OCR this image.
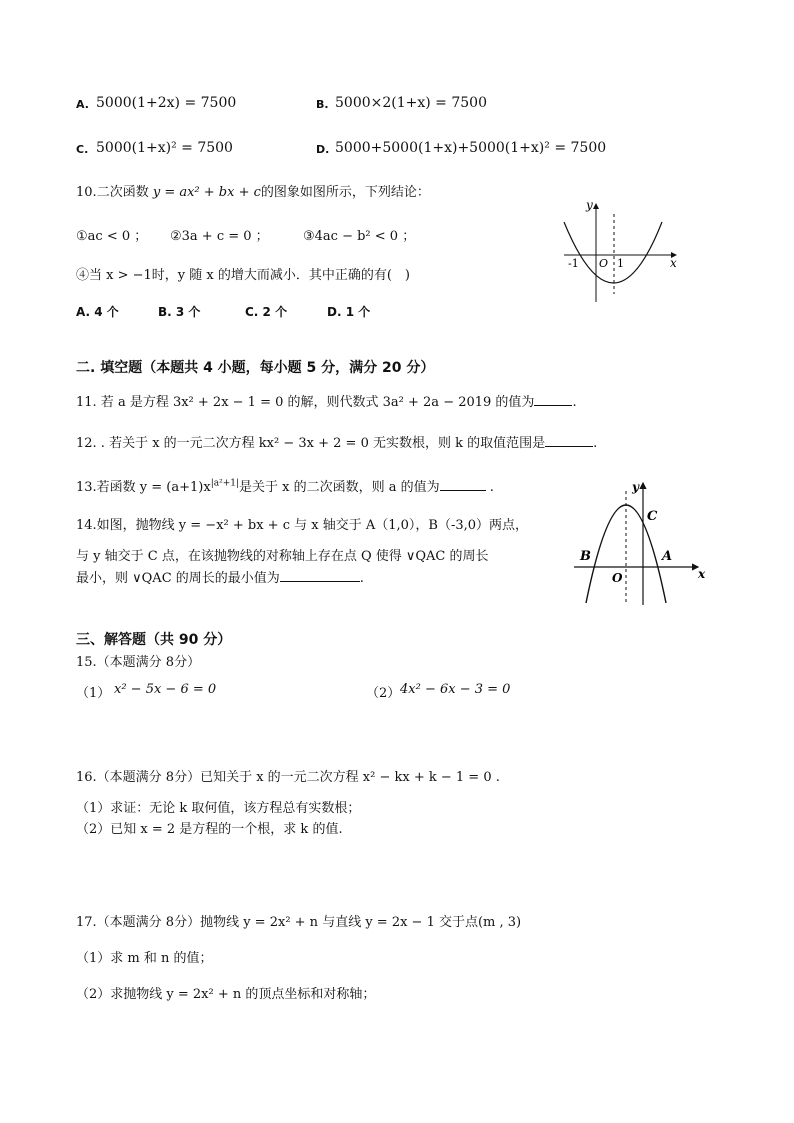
A. 5000(1+2x) = 7500	B. 5000×2(1+x) = 7500
C. 5000(1+x)² = 7500	D. 5000+5000(1+x)+5000(1+x)² = 7500
10.二次函数 y = ax² + bx + c的图象如图所示，下列结论：
①ac < 0 ； ②3a + c = 0 ；	③4ac − b² < 0 ；
④当 x > −1时，y 随 x 的增大而减小．其中正确的有(　)
A. 4 个	B. 3 个	C. 2 个	D. 1 个
y
x
-1 O 1
二. 填空题（本题共 4 小题，每小题 5 分，满分 20 分）
11. 若 a 是方程 3x² + 2x − 1 = 0 的解，则代数式 3a² + 2a − 2019 的值为	.
12. . 若关于 x 的一元二次方程 kx² − 3x + 2 = 0 无实数根，则 k 的取值范围是	.
13.若函数 $y = (a+1)x^{|a^2+1|}$是关于 x 的二次函数，则 a 的值为	.
14.如图，抛物线 y = −x² + bx + c 与 x 轴交于 A（1,0），B（-3,0）两点，
与 y 轴交于 C 点，在该抛物线的对称轴上存在点 Q 使得 ∨QAC 的周长
最小，则 ∨QAC 的周长的最小值为	.
y
x
B
O
A
C
三、解答题（共 90 分）
15.（本题满分 8分）
（1） x² − 5x − 6 = 0	（2） 4x² − 6x − 3 = 0
16.（本题满分 8分）已知关于 x 的一元二次方程 x² − kx + k − 1 = 0 .
（1）求证：无论 k 取何值，该方程总有实数根；
（2）已知 x = 2 是方程的一个根，求 k 的值.
17.（本题满分 8分）抛物线 y = 2x² + n 与直线 y = 2x − 1 交于点(m , 3)
（1）求 m 和 n 的值；
（2）求抛物线 y = 2x² + n 的顶点坐标和对称轴；
